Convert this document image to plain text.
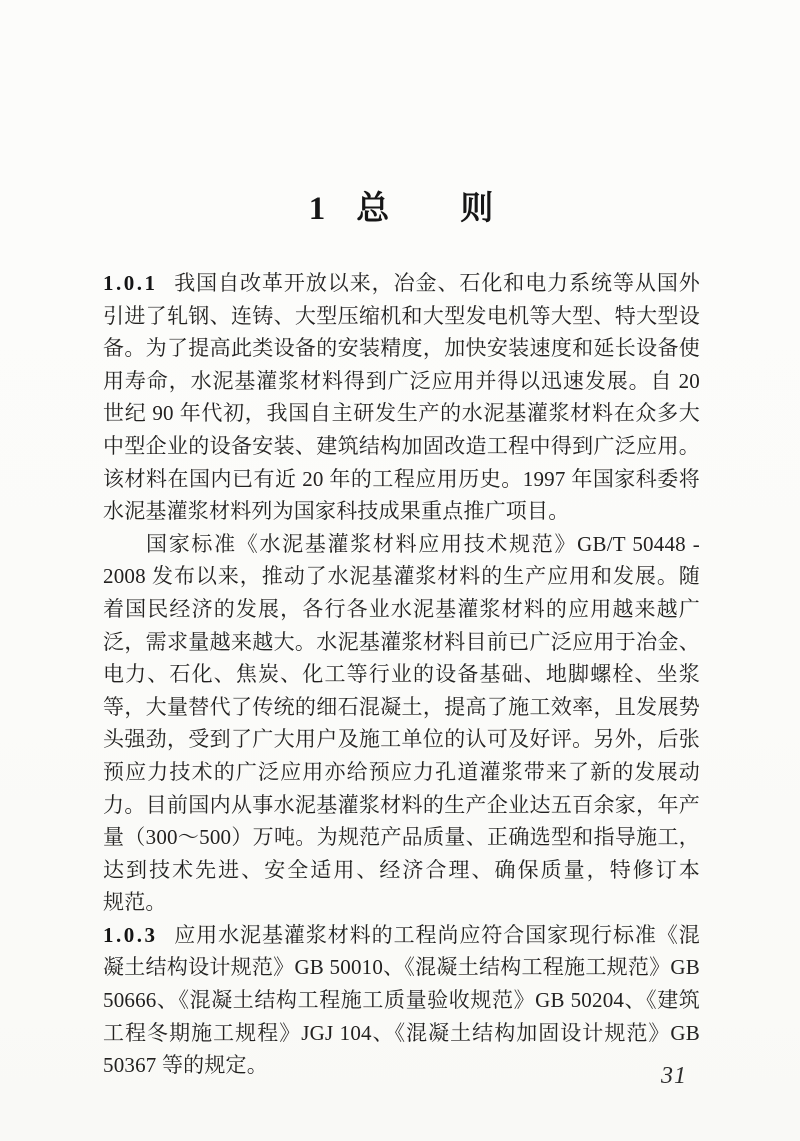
1 总 则
1.0.1 我国自改革开放以来，冶金、石化和电力系统等从国外
引进了轧钢、连铸、大型压缩机和大型发电机等大型、特大型设
备。为了提高此类设备的安装精度，加快安装速度和延长设备使
用寿命，水泥基灌浆材料得到广泛应用并得以迅速发展。自 20
世纪 90 年代初，我国自主研发生产的水泥基灌浆材料在众多大
中型企业的设备安装、建筑结构加固改造工程中得到广泛应用。
该材料在国内已有近 20 年的工程应用历史。1997 年国家科委将
水泥基灌浆材料列为国家科技成果重点推广项目。
国家标准《水泥基灌浆材料应用技术规范》GB/T 50448 -
2008 发布以来，推动了水泥基灌浆材料的生产应用和发展。随
着国民经济的发展，各行各业水泥基灌浆材料的应用越来越广
泛，需求量越来越大。水泥基灌浆材料目前已广泛应用于冶金、
电力、石化、焦炭、化工等行业的设备基础、地脚螺栓、坐浆
等，大量替代了传统的细石混凝土，提高了施工效率，且发展势
头强劲，受到了广大用户及施工单位的认可及好评。另外，后张
预应力技术的广泛应用亦给预应力孔道灌浆带来了新的发展动
力。目前国内从事水泥基灌浆材料的生产企业达五百余家，年产
量（300～500）万吨。为规范产品质量、正确选型和指导施工，
达到技术先进、安全适用、经济合理、确保质量，特修订本
规范。
1.0.3 应用水泥基灌浆材料的工程尚应符合国家现行标准《混
凝土结构设计规范》GB 50010、《混凝土结构工程施工规范》GB
50666、《混凝土结构工程施工质量验收规范》GB 50204、《建筑
工程冬期施工规程》JGJ 104、《混凝土结构加固设计规范》GB
50367 等的规定。	31
